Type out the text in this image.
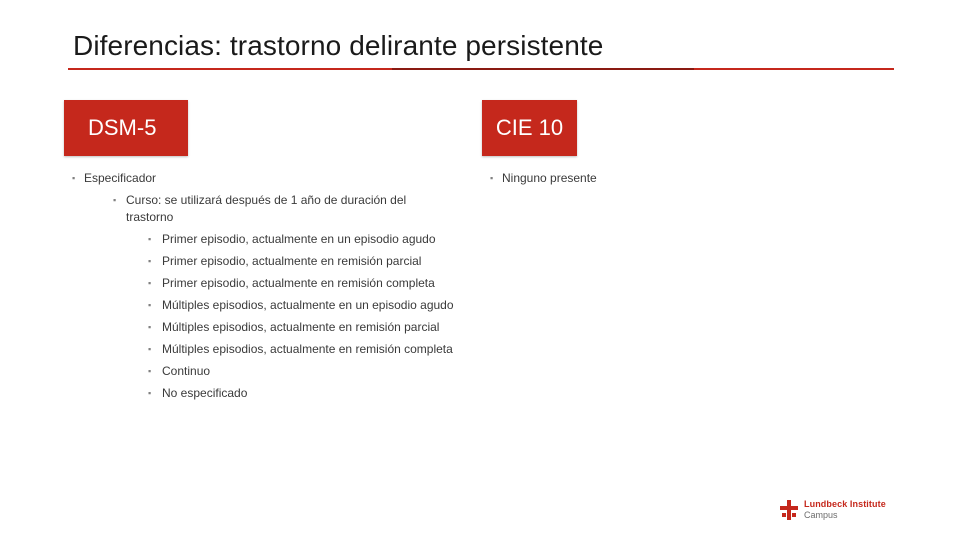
Diferencias: trastorno delirante persistente
DSM-5	CIE 10
▪ Especificador
▪ Curso: se utilizará después de 1 año de duración del trastorno
▪ Primer episodio, actualmente en un episodio agudo
▪ Primer episodio, actualmente en remisión parcial
▪ Primer episodio, actualmente en remisión completa
▪ Múltiples episodios, actualmente en un episodio agudo
▪ Múltiples episodios, actualmente en remisión parcial
▪ Múltiples episodios, actualmente en remisión completa
▪ Continuo
▪ No especificado
▪ Ninguno presente
Lundbeck Institute
Campus
